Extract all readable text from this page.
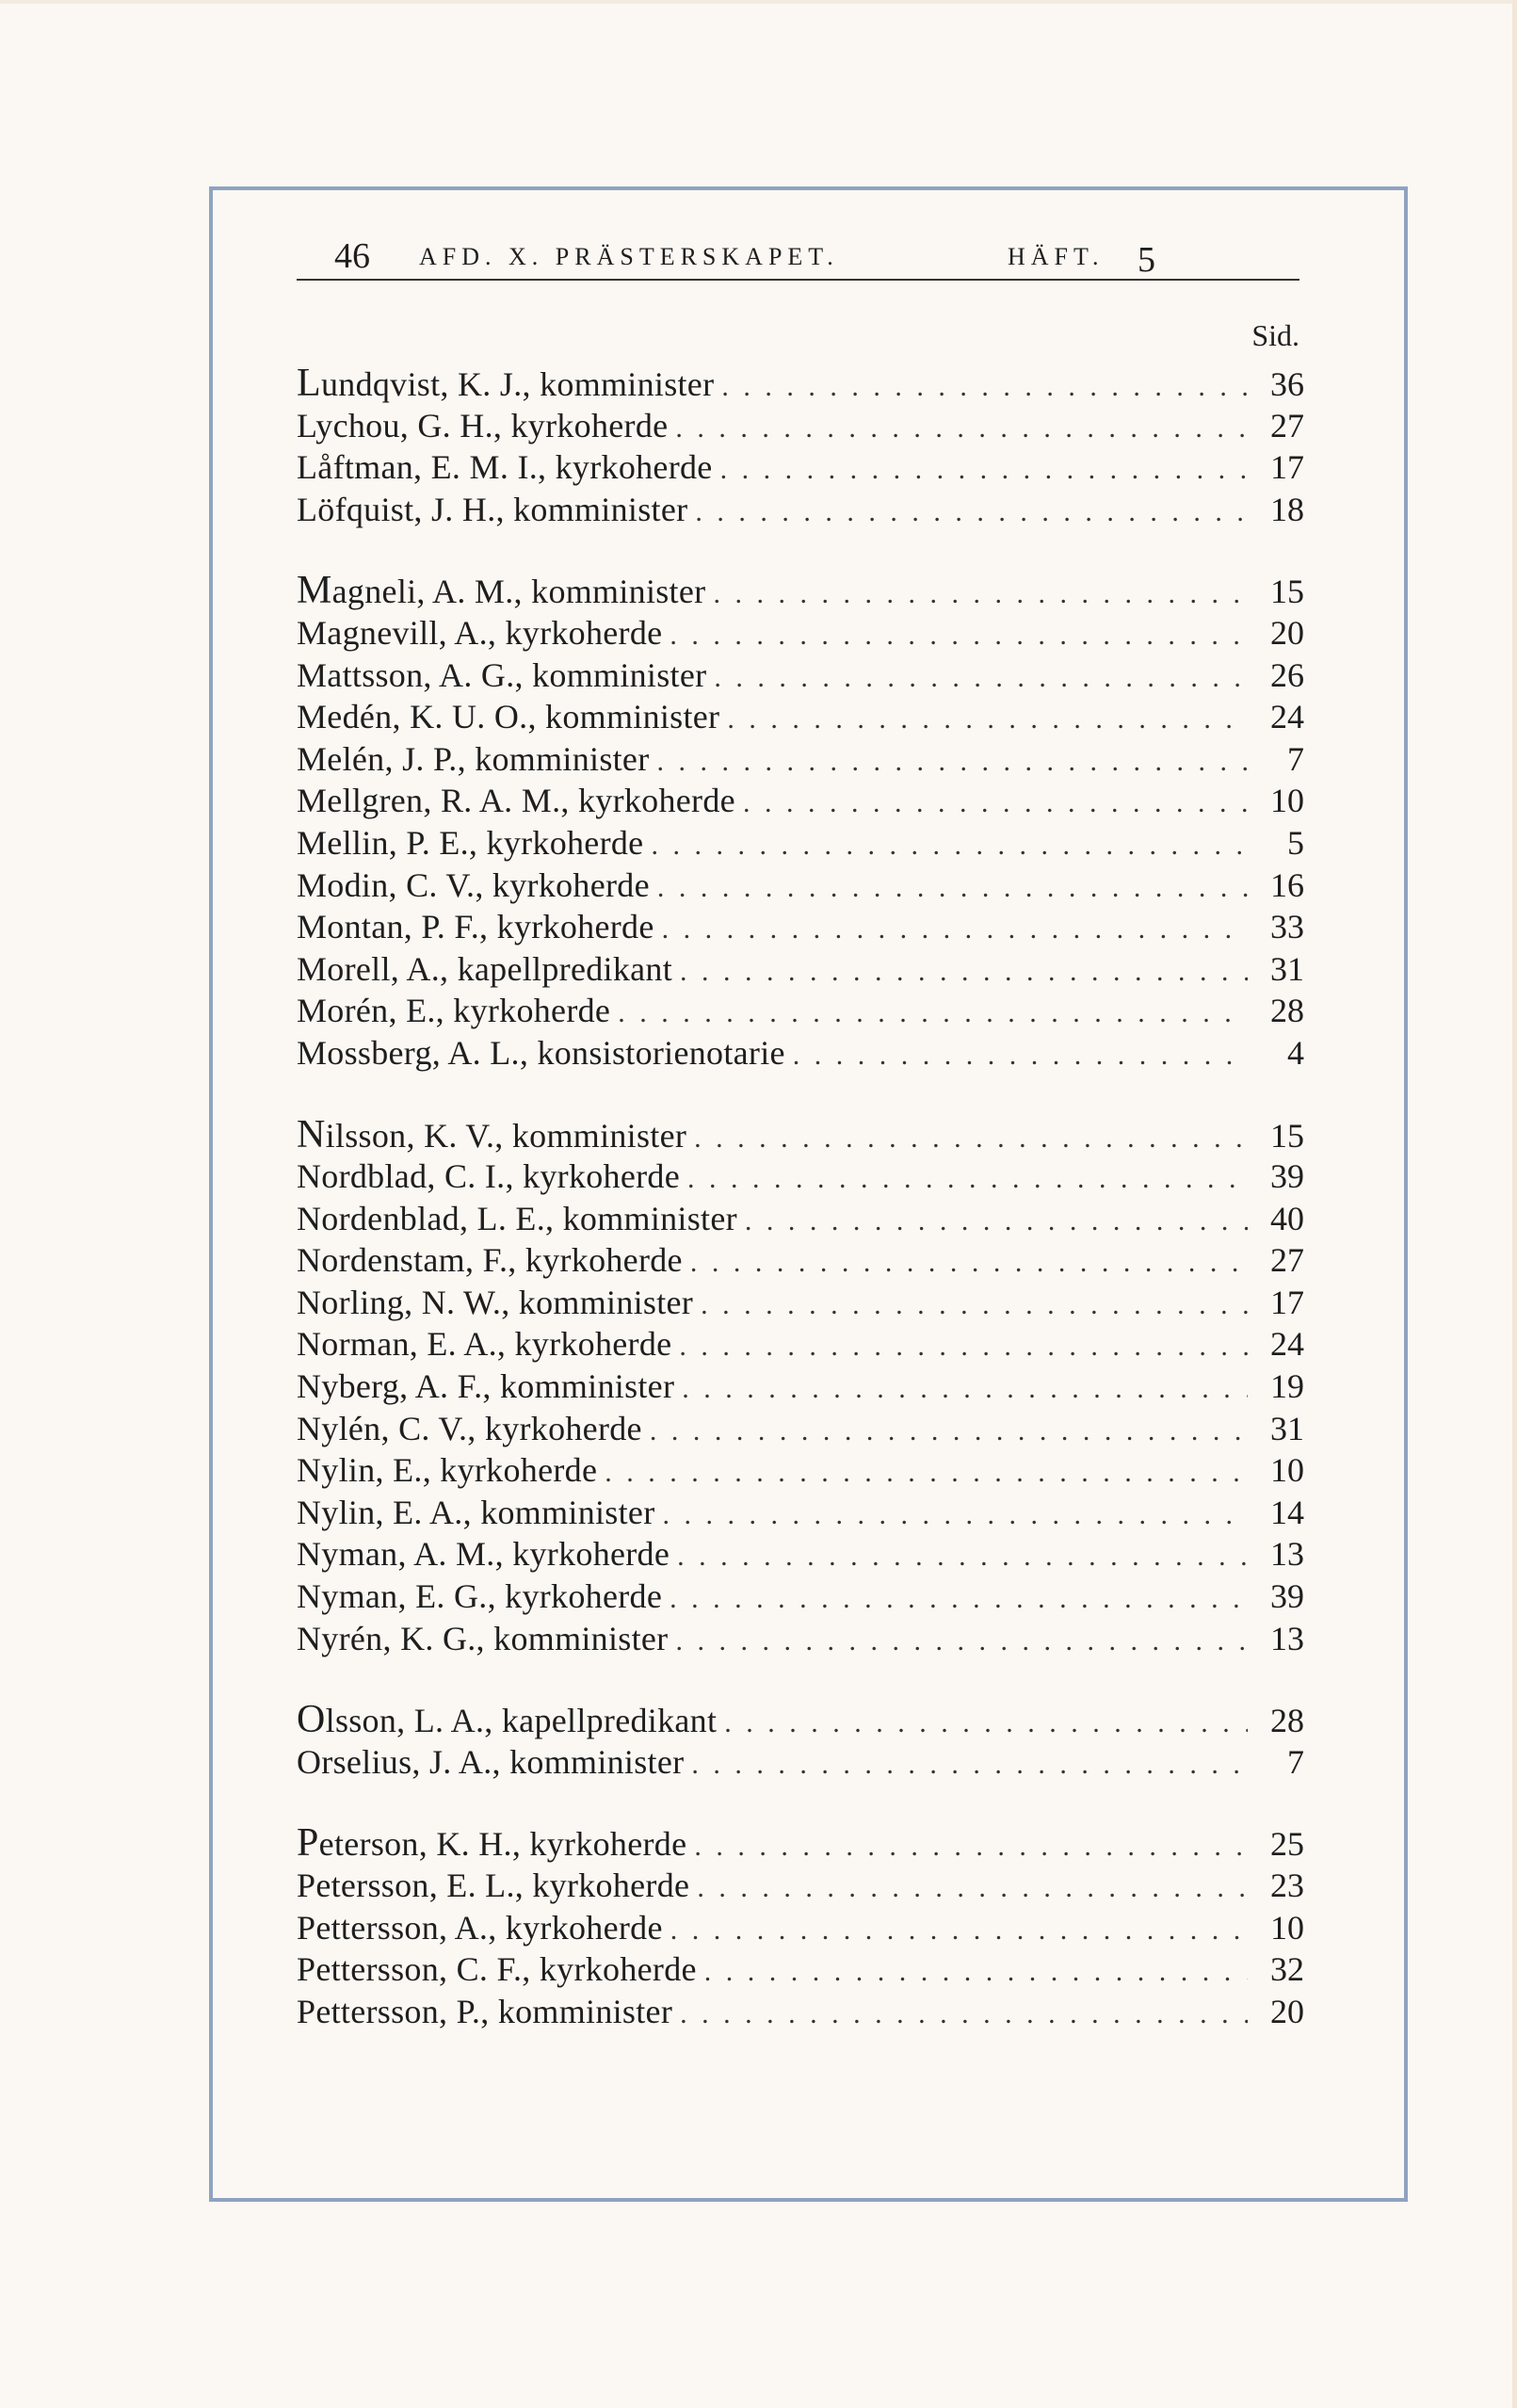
46 AFD. X. PRÄSTERSKAPET.	HÄFT. 5
Sid.
Lundqvist, K. J., komminister . . .	36
Lychou, G. H., kyrkoherde . . .	27
Låftman, E. M. I., kyrkoherde . . .	17
Löfquist, J. H., komminister . . .	18
Magneli, A. M., komminister . . .	15
Magnevill, A., kyrkoherde . . .	20
Mattsson, A. G., komminister . . .	26
Medén, K. U. O., komminister . . .	24
Melén, J. P., komminister . . .	7
Mellgren, R. A. M., kyrkoherde . . .	10
Mellin, P. E., kyrkoherde . . .	5
Modin, C. V., kyrkoherde . . .	16
Montan, P. F., kyrkoherde . . .	33
Morell, A., kapellpredikant . . .	31
Morén, E., kyrkoherde . . .	28
Mossberg, A. L., konsistorienotarie . . .	4
Nilsson, K. V., komminister . . .	15
Nordblad, C. I., kyrkoherde . . .	39
Nordenblad, L. E., komminister . . .	40
Nordenstam, F., kyrkoherde . . .	27
Norling, N. W., komminister . . .	17
Norman, E. A., kyrkoherde . . .	24
Nyberg, A. F., komminister . . .	19
Nylén, C. V., kyrkoherde . . .	31
Nylin, E., kyrkoherde . . .	10
Nylin, E. A., komminister . . .	14
Nyman, A. M., kyrkoherde . . .	13
Nyman, E. G., kyrkoherde . . .	39
Nyrén, K. G., komminister . . .	13
Olsson, L. A., kapellpredikant . . .	28
Orselius, J. A., komminister . . .	7
Peterson, K. H., kyrkoherde . . .	25
Petersson, E. L., kyrkoherde . . .	23
Pettersson, A., kyrkoherde . . .	10
Pettersson, C. F., kyrkoherde . . .	32
Pettersson, P., komminister . . .	20
